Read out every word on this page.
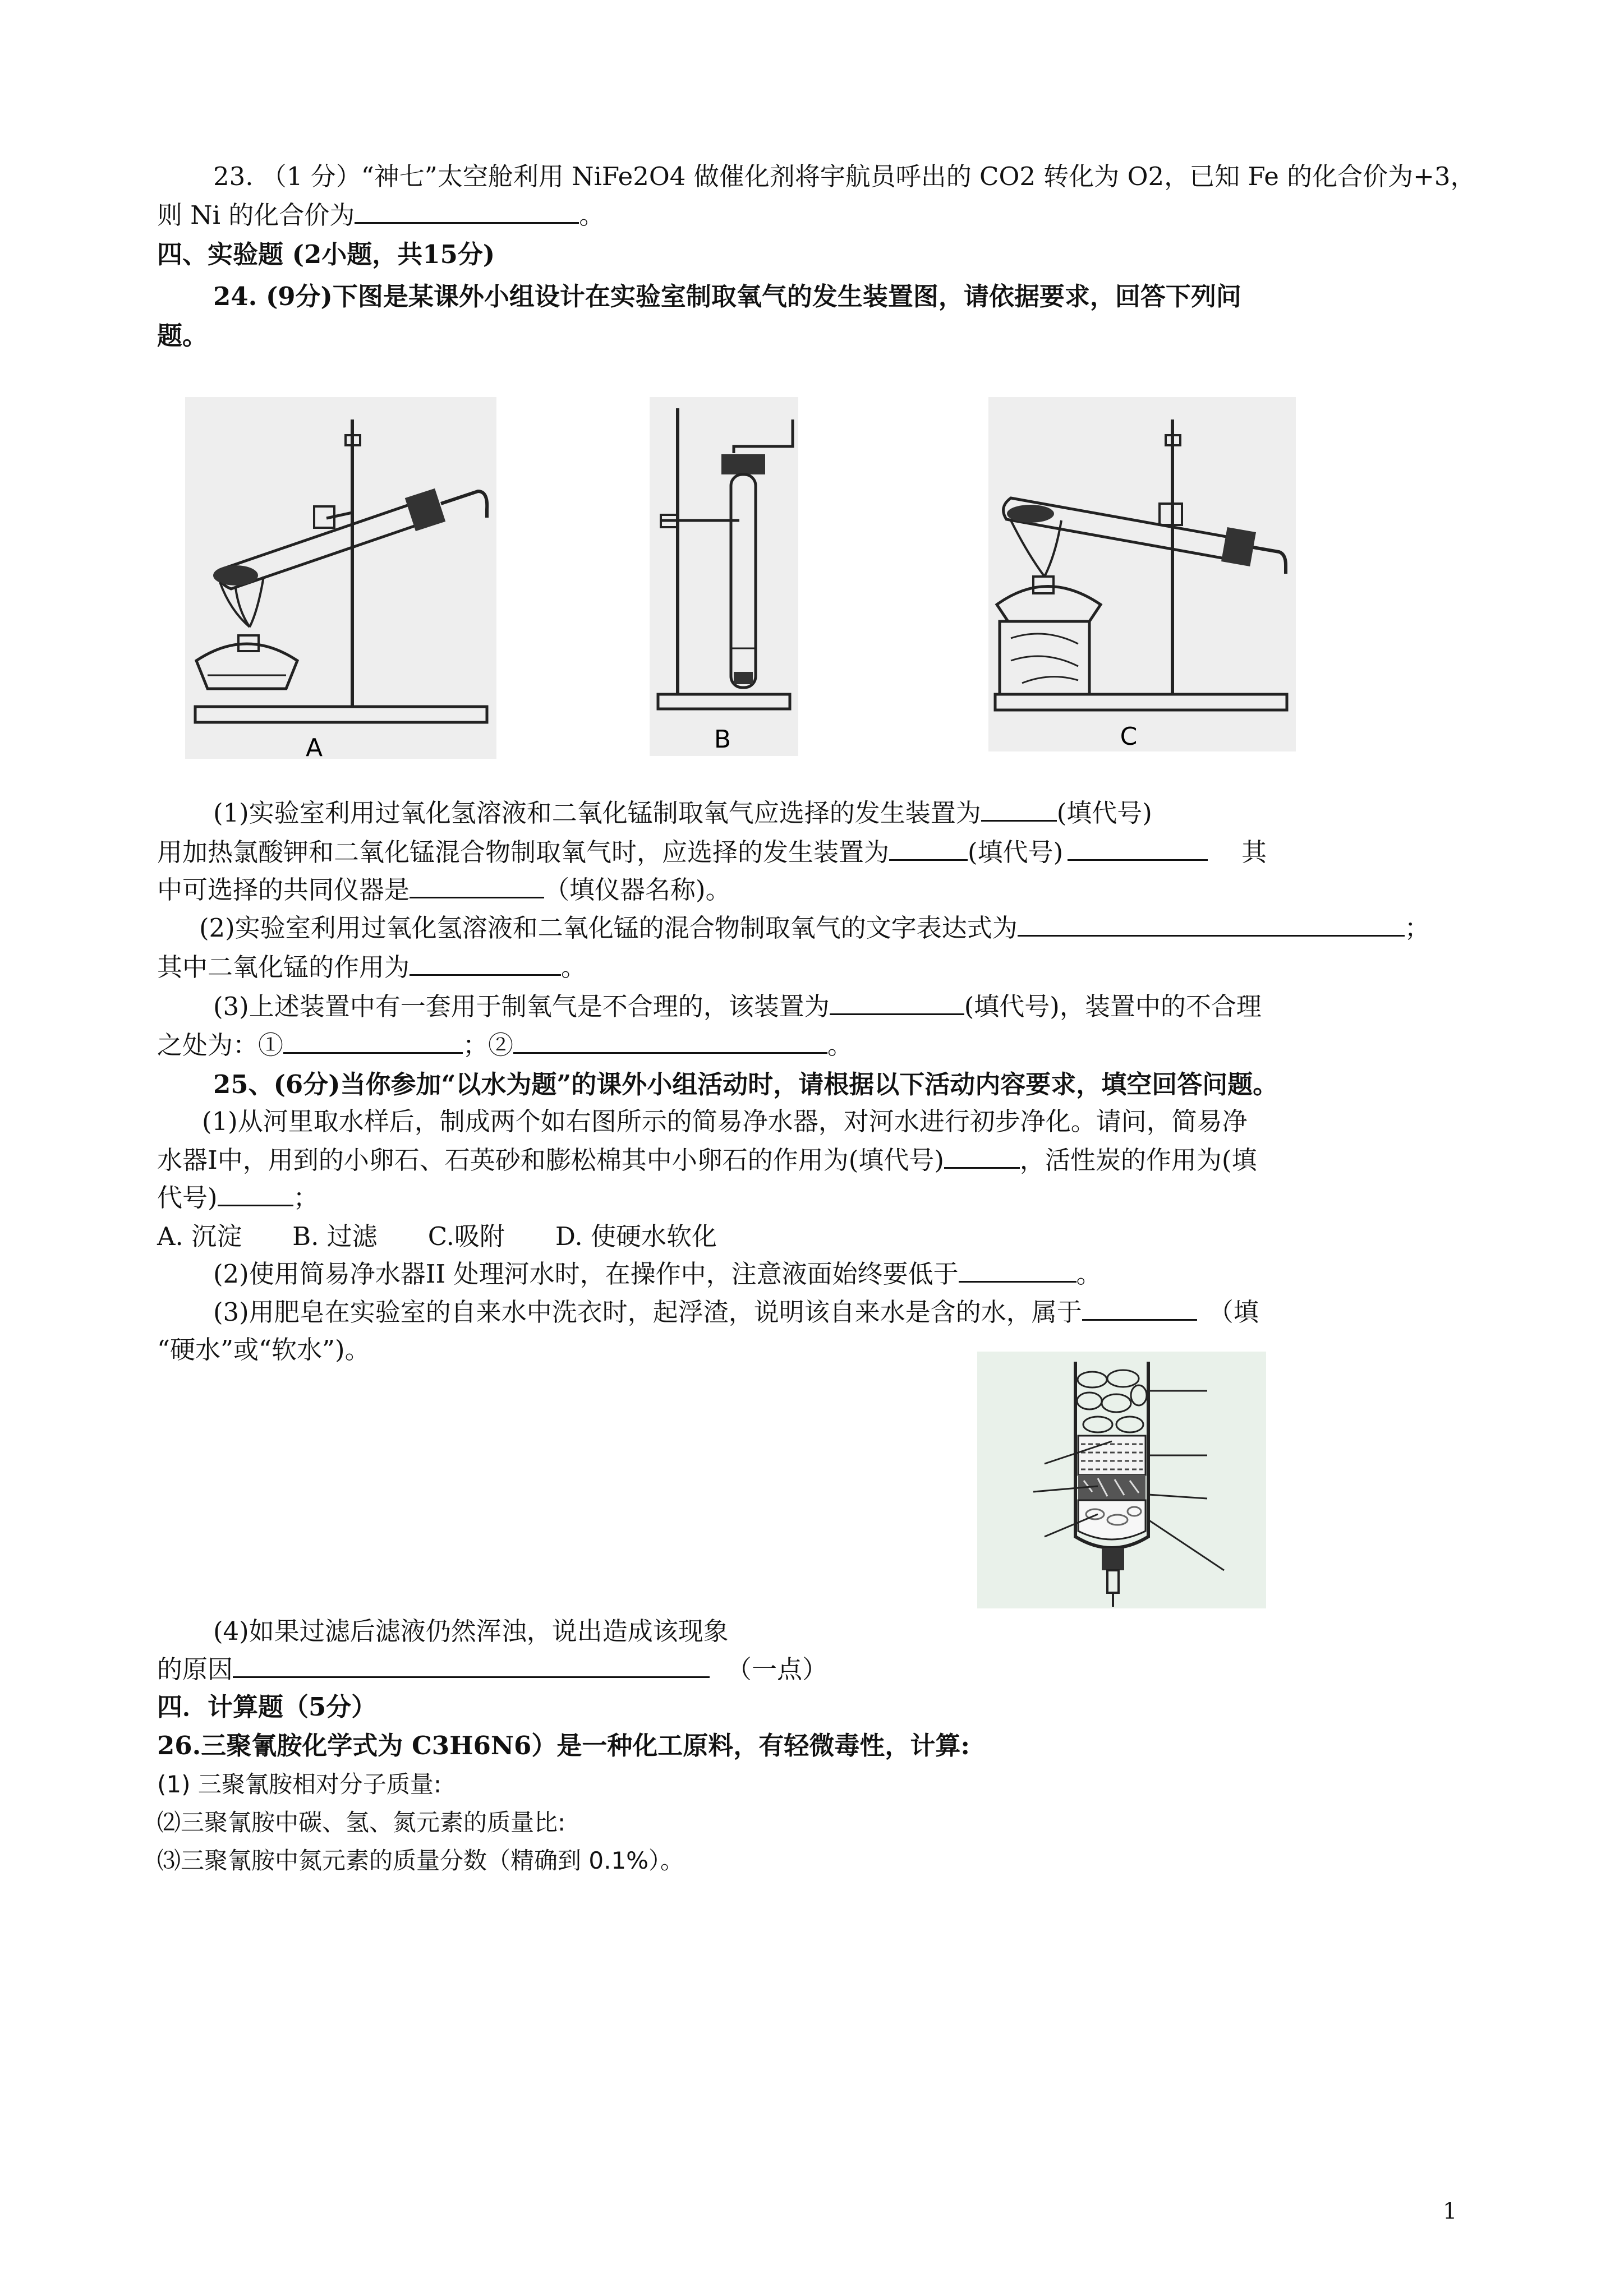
23. （1 分）“神七”太空舱利用 NiFe2O4 做催化剂将宇航员呼出的 CO2 转化为 O2，已知 Fe 的化合价为+3，
则 Ni 的化合价为	。
四、实验题 (2小题，共15分)
24. (9分)下图是某课外小组设计在实验室制取氧气的发生装置图，请依据要求，回答下列问
题。
A	B	C
(1)实验室利用过氧化氢溶液和二氧化锰制取氧气应选择的发生装置为	(填代号)
用加热氯酸钾和二氧化锰混合物制取氧气时，应选择的发生装置为	(填代号)	其
中可选择的共同仪器是	（填仪器名称)。
(2)实验室利用过氧化氢溶液和二氧化锰的混合物制取氧气的文字表达式为	；
其中二氧化锰的作用为	。
(3)上述装置中有一套用于制氧气是不合理的，该装置为	(填代号)，装置中的不合理
之处为：①	；②	。
25、(6分)当你参加“以水为题”的课外小组活动时，请根据以下活动内容要求，填空回答问题。
(1)从河里取水样后，制成两个如右图所示的简易净水器，对河水进行初步净化。请问，简易净
水器I中，用到的小卵石、石英砂和膨松棉其中小卵石的作用为(填代号)	，活性炭的作用为(填
代号)	；
A. 沉淀　　B. 过滤　　C.吸附　　D. 使硬水软化
(2)使用简易净水器II 处理河水时，在操作中，注意液面始终要低于	。
(3)用肥皂在实验室的自来水中洗衣时，起浮渣，说明该自来水是含的水，属于	（填
“硬水”或“软水”)。
(4)如果过滤后滤液仍然浑浊，说出造成该现象
的原因	（一点）
四．计算题（5分）
26.三聚氰胺化学式为 C3H6N6）是一种化工原料，有轻微毒性，计算:
(1) 三聚氰胺相对分子质量:
⑵三聚氰胺中碳、氢、氮元素的质量比:
⑶三聚氰胺中氮元素的质量分数（精确到 0.1%）。
1
